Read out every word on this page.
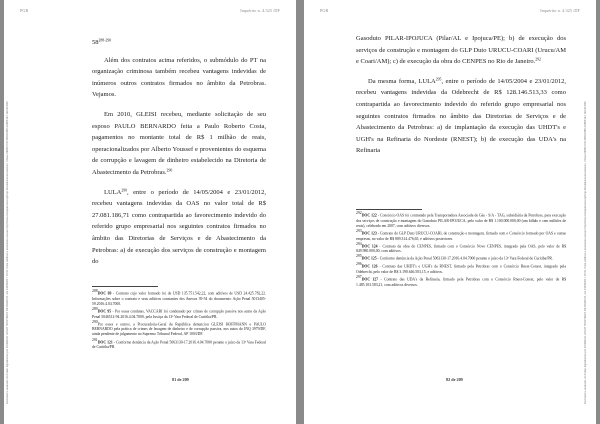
PGR	Inquérito n. 4.325 /DF
Documento assinado via Token digitalmente por RODRIGO JANOT MONTEIRO DE BARROS, em 01/09/2017 15:10. Para verificar a assinatura acesse http://www.transparencia.mpf.mp.br/validacaodocumento. Chave 6E66C37D.0853A3B9.2A6BF1E7.AE10F18D

58$^{288-290}$

Além dos contratos acima referidos, o submódulo do PT na organização criminosa também recebeu vantagens indevidas de inúmeros outros contratos firmados no âmbito da Petrobras. Vejamos.

Em 2010, GLEISI recebeu, mediante solicitação de seu esposo PAULO BERNARDO feita a Paulo Roberto Costa, pagamentos no montante total de R$ 1 milhão de reais, operacionalizados por Alberto Youssef e provenientes do esquema de corrupção e lavagem de dinheiro estabelecido na Diretoria de Abastecimento da Petrobras.$^{290}$

LULA$^{290}$, entre o período de 14/05/2004 e 23/01/2012, recebeu vantagens indevidas da OAS no valor total de R$ 27.081.186,71 como contrapartida ao favorecimento indevido do referido grupo empresarial nos seguintes contratos firmados no âmbito das Diretorias de Serviços e de Abastecimento da Petrobras: a) de execução dos serviços de construção e montagem do

$^{288}$DOC 69 - Contrato cujo valor formado foi de USD 135.751.542,22, com aditivos de USD 24.425.782,22. Informações sobre o contrato e seus aditivos constantes dos Anexos 39-54 do documento: Ação Penal 5013405-59.2016.4.04.7000.

$^{289}$DOC 95 - Por essas condutas, VACCARI foi condenado por crimes de corrupção passiva nos autos da Ação Penal 5046512-94.2016.4.04.7000, pela Justiça da 13ª Vara Federal de Curitiba/PR.

$^{290}$Por esses e outros, a Procuradoria-Geral da República denunciou GLEISI HOFFMANN e PAULO BERNARDO pela prática de crimes de lavagem de dinheiro e de corrupção passiva, nos autos do INQ 3979/DF, ainda pendente de julgamento no Supremo Tribunal Federal, AP 1003/DF.

$^{291}$DOC 121 - Conforme denúncia da Ação Penal 5063130-17.2016.4.04.7000 perante o juízo da 13ª Vara Federal de Curitiba/PR.

81 de 209
PGR	Inquérito n. 4.325 /DF
Documento assinado via Token digitalmente por RODRIGO JANOT MONTEIRO DE BARROS, em 01/09/2017 15:10. Para verificar a assinatura acesse http://www.transparencia.mpf.mp.br/validacaodocumento. Chave 6E66C37D.0853A3B9.2A6BF1E7.AE10F18D

Gasoduto PILAR-IPOJUCA (Pilar/AL e Ipojuca/PE); b) de execução dos serviços de construção e montagem do GLP Duto URUCU-COARI (Urucu/AM e Coari/AM); c) de execução da obra do CENPES no Rio de Janeiro.$^{292}$

Da mesma forma, LULA$^{295}$, entre o período de 14/05/2004 e 23/01/2012, recebeu vantagens indevidas da Odebrecht de R$ 128.146.513,33 como contrapartida ao favorecimento indevido do referido grupo empresarial nos seguintes contratos firmados no âmbito das Diretorias de Serviços e de Abastecimento da Petrobras: a) de implantação da execução das UHDT's e UGH's na Refinaria do Nordeste (RNEST); b) de execução das UDA's na Refinaria

$^{292}$DOC 122 - Consórcio OAS foi contratado pela Transportadora Associada de Gás - S/A - TAG, subsidiária da Petrobras, para execução dos serviços de construção e montagem do Gasoduto PILAR-IPOJUCA, pelo valor de R$ 1.100.000.000,00 (um bilhão e cem milhões de reais), celebrado em 2007, com aditivos diversos.

$^{293}$DOC 123 - Contrato do GLP Duto URUCU-COARI, de construção e montagem, firmado com o Consórcio formado por OAS e outras empresas, no valor de R$ 809.314.476,65, e aditivos posteriores.

$^{294}$DOC 124 - Contrato da obra do CENPES, firmado com o Consórcio Novo CENPES, integrado pela OAS, pelo valor de R$ 849.980.000,00, com aditivos.

$^{295}$DOC 125 - Conforme denúncia da Ação Penal 5063130-17.2016.4.04.7000 perante o juízo da 13ª Vara Federal de Curitiba/PR.

$^{296}$DOC 126 - Contrato das UHDT's e UGH's da RNEST, firmado pela Petrobras com o Consórcio Rnest-Conest, integrado pela Odebrecht, pelo valor de R$ 3.190.646.503,15, e aditivos.

$^{297}$DOC 127 - Contrato das UDA's da Refinaria, firmado pela Petrobras com o Consórcio Rnest-Conest, pelo valor de R$ 1.485.103.583,21, com aditivos diversos.

82 de 209
